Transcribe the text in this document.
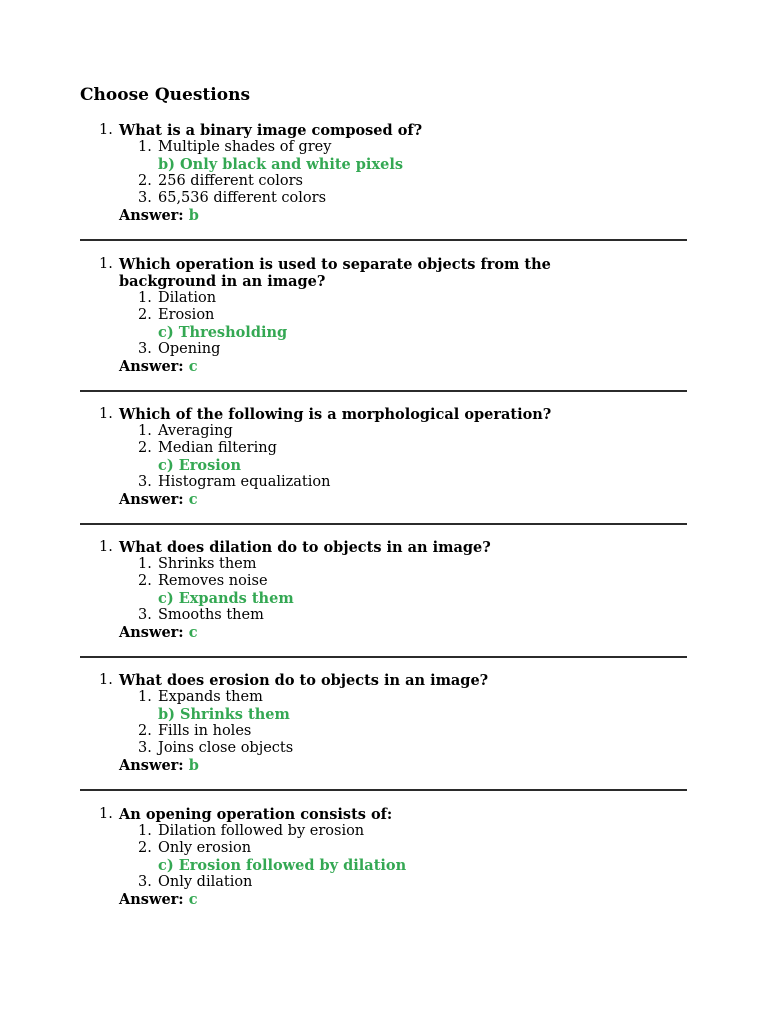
Choose Questions
1. What is a binary image composed of?
1. Multiple shades of grey
b) Only black and white pixels
2. 256 different colors
3. 65,536 different colors
Answer: b
1. Which operation is used to separate objects from the background in an image?
1. Dilation
2. Erosion
c) Thresholding
3. Opening
Answer: c
1. Which of the following is a morphological operation?
1. Averaging
2. Median filtering
c) Erosion
3. Histogram equalization
Answer: c
1. What does dilation do to objects in an image?
1. Shrinks them
2. Removes noise
c) Expands them
3. Smooths them
Answer: c
1. What does erosion do to objects in an image?
1. Expands them
b) Shrinks them
2. Fills in holes
3. Joins close objects
Answer: b
1. An opening operation consists of:
1. Dilation followed by erosion
2. Only erosion
c) Erosion followed by dilation
3. Only dilation
Answer: c
